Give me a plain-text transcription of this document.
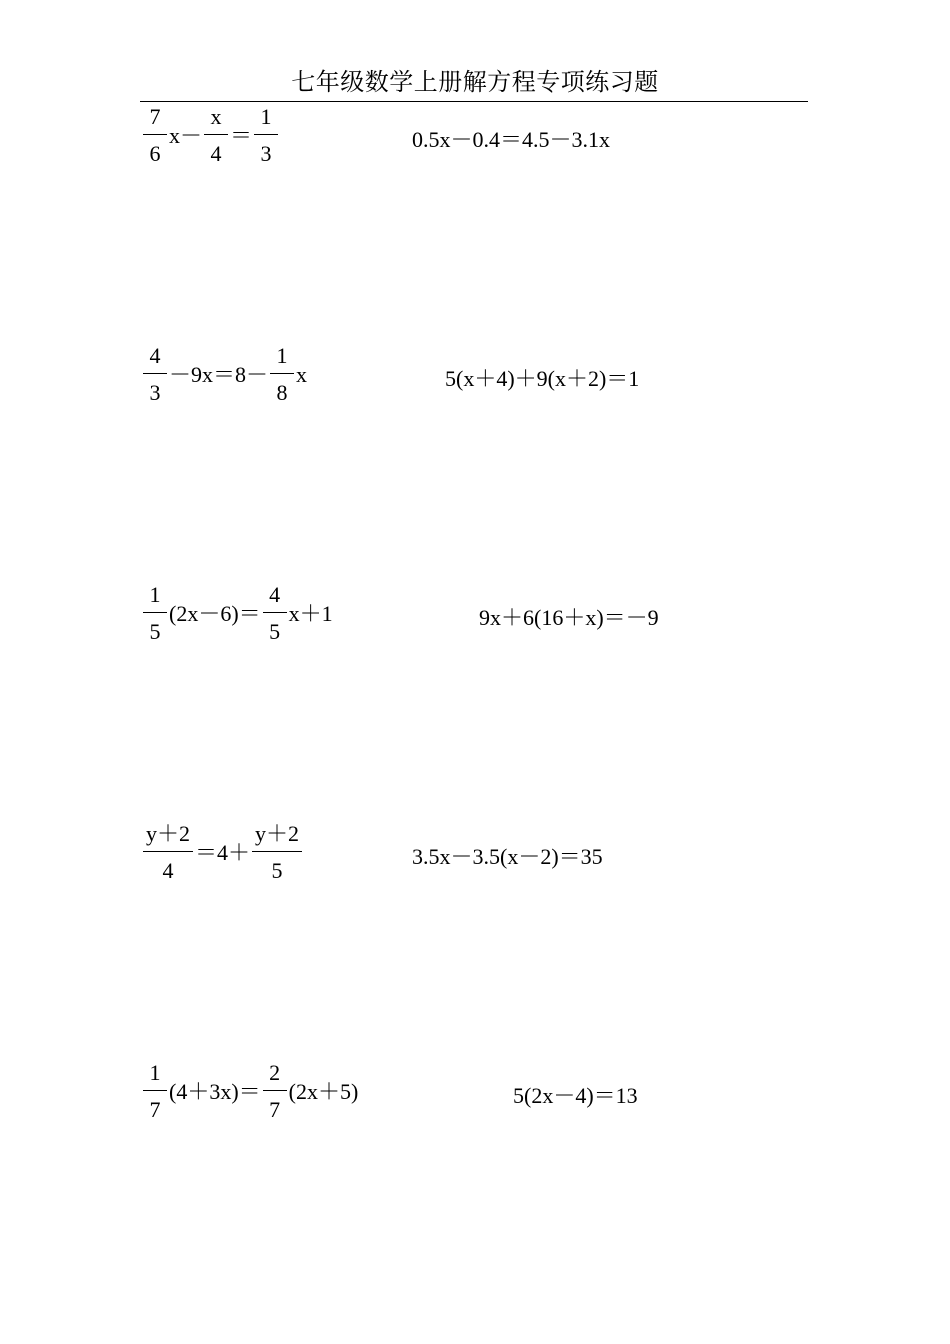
七年级数学上册解方程专项练习题
$\frac{7}{6} x- \frac{x}{4} = \frac{1}{3}$	0.5x－0.4＝4.5－3.1x
$\frac{4}{3} -9x=8- \frac{1}{8}$ x	5(x＋4)＋9(x＋2)＝1
$\frac{1}{5} (2x-6)= \frac{4}{5} x+1$	9x＋6(16＋x)＝－9
$\frac{y+2}{4} =4+ \frac{y+2}{5}$	3.5x－3.5(x－2)＝35
$\frac{1}{7} (4+3x)= \frac{2}{7} (2x+5)$	5(2x－4)＝13
